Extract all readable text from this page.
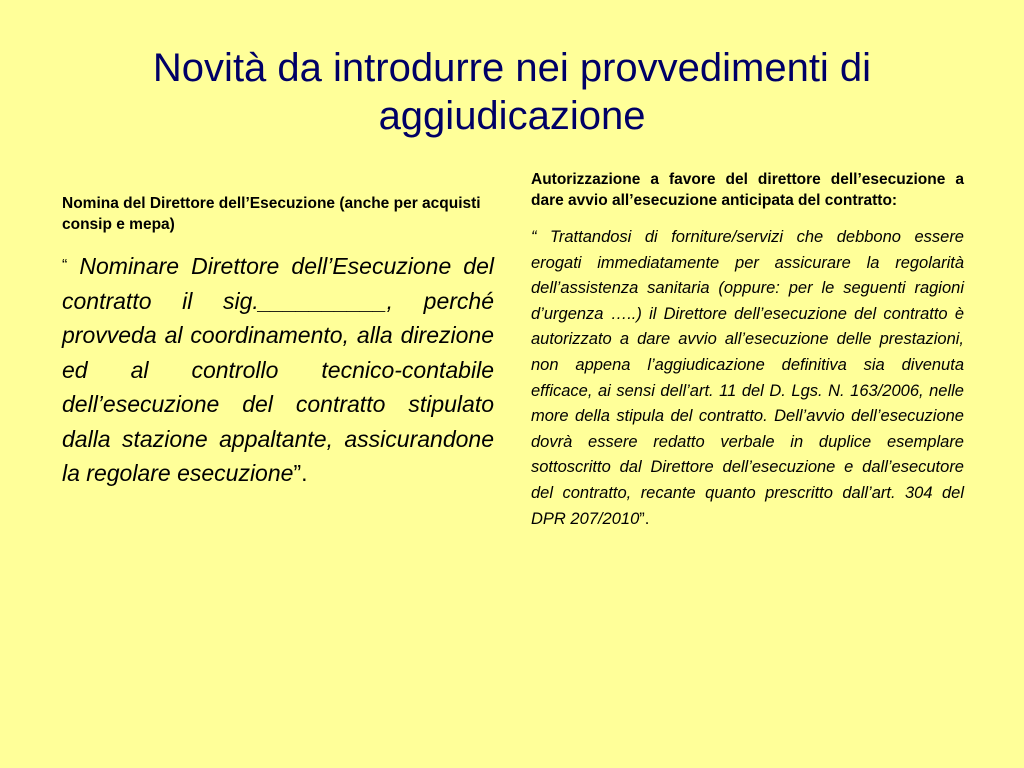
Novità da introdurre nei provvedimenti di aggiudicazione

Nomina del Direttore dell’Esecuzione (anche per acquisti consip e mepa)

“ Nominare Direttore dell’Esecuzione del contratto il sig.__________, perché provveda al coordinamento, alla direzione ed al controllo tecnico-contabile dell’esecuzione del contratto stipulato dalla stazione appaltante, assicurandone la regolare esecuzione”.

Autorizzazione a favore del direttore dell’esecuzione a dare avvio all’esecuzione anticipata del contratto:

“ Trattandosi di forniture/servizi che debbono essere erogati immediatamente per assicurare la regolarità dell’assistenza sanitaria (oppure: per le seguenti ragioni d’urgenza …..) il Direttore dell’esecuzione del contratto è autorizzato a dare avvio all’esecuzione delle prestazioni, non appena l’aggiudicazione definitiva sia divenuta efficace, ai sensi dell’art. 11 del D. Lgs. N. 163/2006, nelle more della stipula del contratto. Dell’avvio dell’esecuzione dovrà essere redatto verbale in duplice esemplare sottoscritto dal Direttore dell’esecuzione e dall’esecutore del contratto, recante quanto prescritto dall’art. 304 del DPR 207/2010”.
